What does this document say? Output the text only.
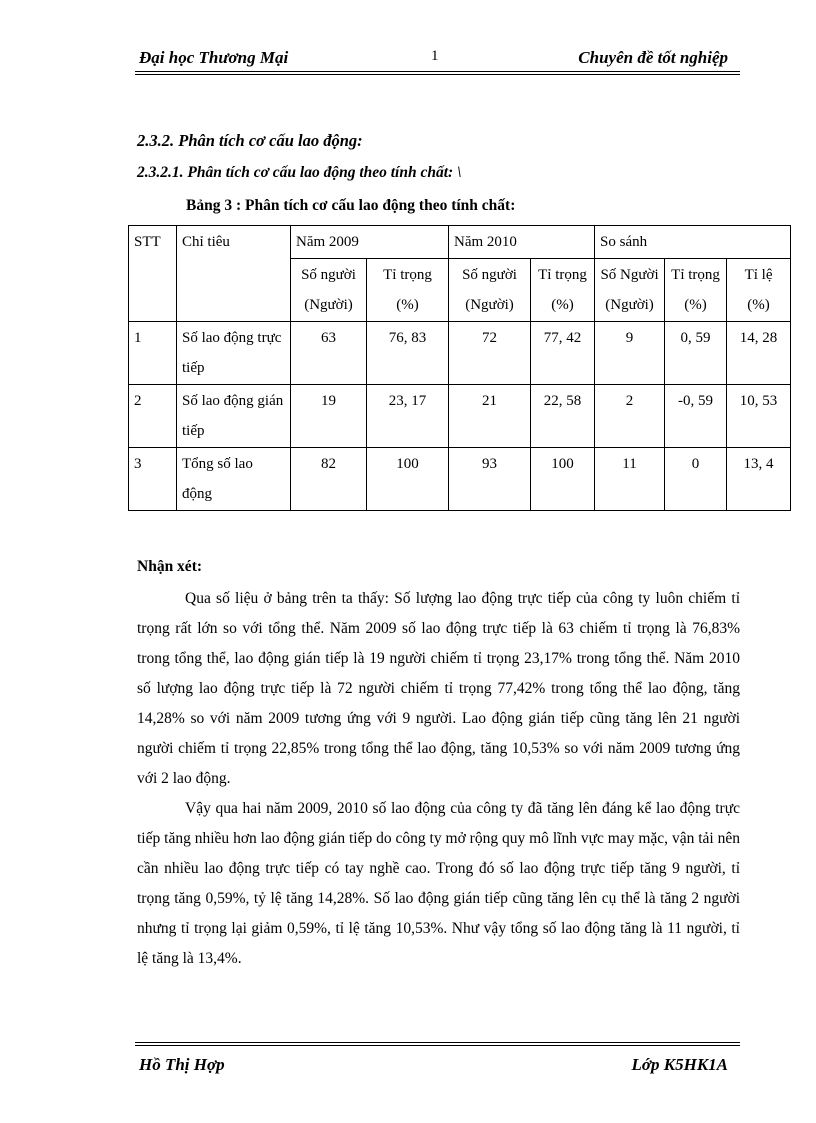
Đại học Thương Mại	1	Chuyên đề tốt nghiệp
2.3.2. Phân tích cơ cấu lao động:
2.3.2.1. Phân tích cơ cấu lao động theo tính chất: \
Bảng 3 : Phân tích cơ cấu lao động theo tính chất:
STT	Chỉ tiêu	Năm 2009		Năm 2010		So sánh		
		Số người (Người)	Tỉ trọng (%)	Số người (Người)	Tỉ trọng (%)	Số Người (Người)	Tỉ trọng (%)	Tỉ lệ (%)
1	Số lao động trực tiếp	63	76, 83	72	77, 42	9	0, 59	14, 28
2	Số lao động gián tiếp	19	23, 17	21	22, 58	2	-0, 59	10, 53
3	Tổng số lao động	82	100	93	100	11	0	13, 4
Nhận xét:

Qua số liệu ở bảng trên ta thấy: Số lượng lao động trực tiếp của công ty luôn chiếm tỉ trọng rất lớn so với tổng thể. Năm 2009 số lao động trực tiếp là 63 chiếm tỉ trọng là 76,83% trong tổng thể, lao động gián tiếp là 19 người chiếm tỉ trọng 23,17% trong tổng thể. Năm 2010 số lượng lao động trực tiếp là 72 người chiếm tỉ trọng 77,42% trong tổng thể lao động, tăng 14,28% so với năm 2009 tương ứng với 9 người. Lao động gián tiếp cũng tăng lên 21 người người chiếm tỉ trọng 22,85% trong tổng thể lao động, tăng 10,53% so với năm 2009 tương ứng với 2 lao động.

Vậy qua hai năm 2009, 2010 số lao động của công ty đã tăng lên đáng kể lao động trực tiếp tăng nhiều hơn lao động gián tiếp do công ty mở rộng quy mô lĩnh vực may mặc, vận tải nên cần nhiều lao động trực tiếp có tay nghề cao. Trong đó số lao động trực tiếp tăng 9 người, tỉ trọng tăng 0,59%, tỷ lệ tăng 14,28%. Số lao động gián tiếp cũng tăng lên cụ thể là tăng 2 người nhưng tỉ trọng lại giảm 0,59%, tỉ lệ tăng 10,53%. Như vậy tổng số lao động tăng là 11 người, tỉ lệ tăng là 13,4%.

Hồ Thị Hợp	Lớp K5HK1A
